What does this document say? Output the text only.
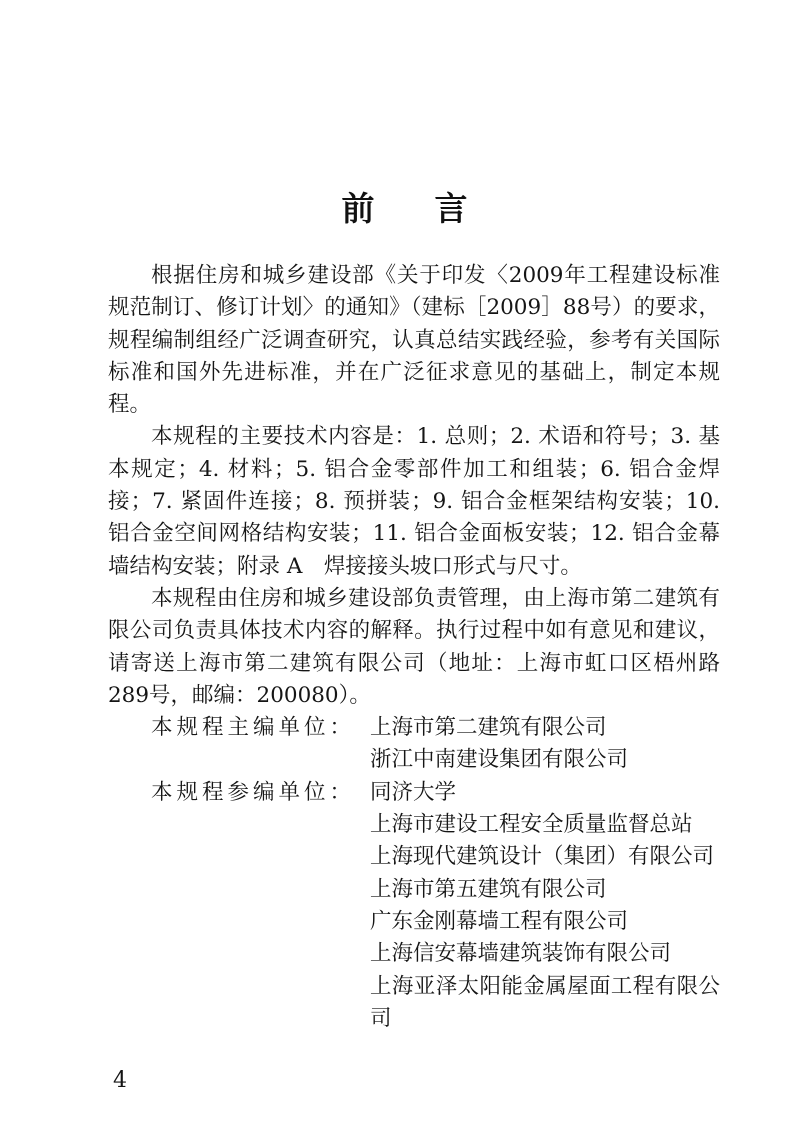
前 言

根据住房和城乡建设部《关于印发〈2009年工程建设标准规范制订、修订计划〉的通知》（建标［2009］88号）的要求，规程编制组经广泛调查研究，认真总结实践经验，参考有关国际标准和国外先进标准，并在广泛征求意见的基础上，制定本规程。

本规程的主要技术内容是：1. 总则；2. 术语和符号；3. 基本规定；4. 材料；5. 铝合金零部件加工和组装；6. 铝合金焊接；7. 紧固件连接；8. 预拼装；9. 铝合金框架结构安装；10. 铝合金空间网格结构安装；11. 铝合金面板安装；12. 铝合金幕墙结构安装；附录 A　焊接接头坡口形式与尺寸。

本规程由住房和城乡建设部负责管理，由上海市第二建筑有限公司负责具体技术内容的解释。执行过程中如有意见和建议，请寄送上海市第二建筑有限公司（地址：上海市虹口区梧州路289号，邮编：200080）。

本规程主编单位： 上海市第二建筑有限公司
浙江中南建设集团有限公司
本规程参编单位： 同济大学
上海市建设工程安全质量监督总站
上海现代建筑设计（集团）有限公司
上海市第五建筑有限公司
广东金刚幕墙工程有限公司
上海信安幕墙建筑装饰有限公司
上海亚泽太阳能金属屋面工程有限公司
4
